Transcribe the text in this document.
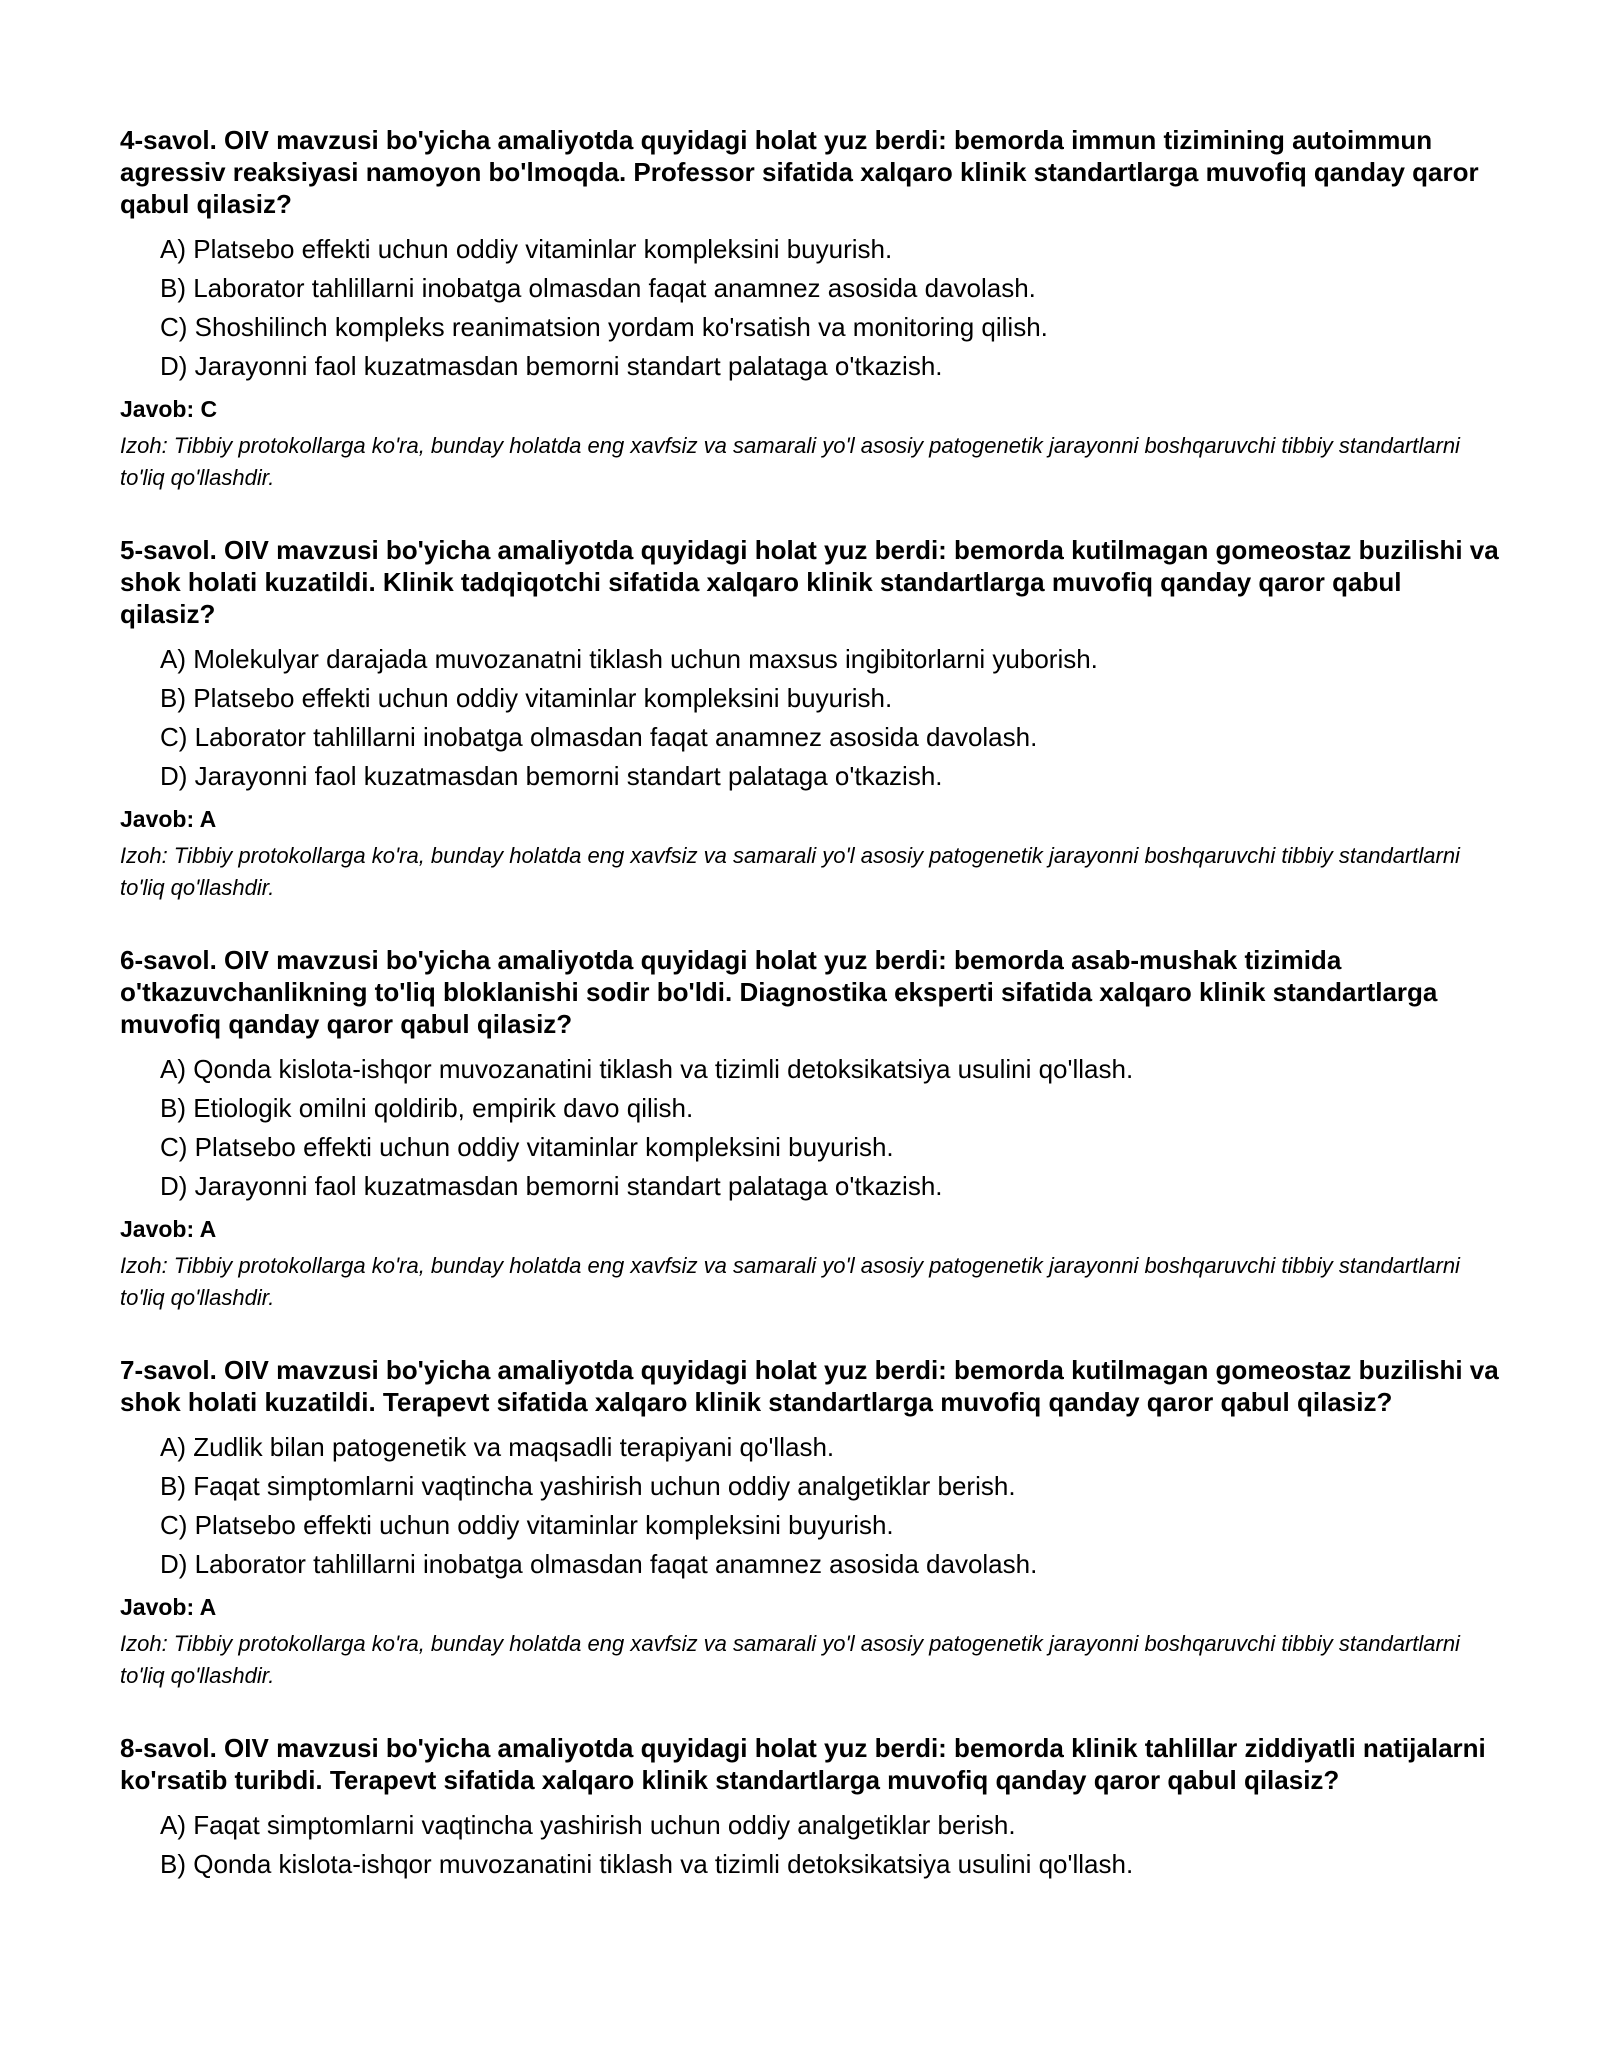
4-savol. OIV mavzusi bo'yicha amaliyotda quyidagi holat yuz berdi: bemorda immun tizimining autoimmun agressiv reaksiyasi namoyon bo'lmoqda. Professor sifatida xalqaro klinik standartlarga muvofiq qanday qaror qabul qilasiz?

A) Platsebo effekti uchun oddiy vitaminlar kompleksini buyurish.
B) Laborator tahlillarni inobatga olmasdan faqat anamnez asosida davolash.
C) Shoshilinch kompleks reanimatsion yordam ko'rsatish va monitoring qilish.
D) Jarayonni faol kuzatmasdan bemorni standart palataga o'tkazish.
Javob: C

Izoh: Tibbiy protokollarga ko'ra, bunday holatda eng xavfsiz va samarali yo'l asosiy patogenetik jarayonni boshqaruvchi tibbiy standartlarni to'liq qo'llashdir.

5-savol. OIV mavzusi bo'yicha amaliyotda quyidagi holat yuz berdi: bemorda kutilmagan gomeostaz buzilishi va shok holati kuzatildi. Klinik tadqiqotchi sifatida xalqaro klinik standartlarga muvofiq qanday qaror qabul qilasiz?

A) Molekulyar darajada muvozanatni tiklash uchun maxsus ingibitorlarni yuborish.
B) Platsebo effekti uchun oddiy vitaminlar kompleksini buyurish.
C) Laborator tahlillarni inobatga olmasdan faqat anamnez asosida davolash.
D) Jarayonni faol kuzatmasdan bemorni standart palataga o'tkazish.
Javob: A

Izoh: Tibbiy protokollarga ko'ra, bunday holatda eng xavfsiz va samarali yo'l asosiy patogenetik jarayonni boshqaruvchi tibbiy standartlarni to'liq qo'llashdir.

6-savol. OIV mavzusi bo'yicha amaliyotda quyidagi holat yuz berdi: bemorda asab-mushak tizimida o'tkazuvchanlikning to'liq bloklanishi sodir bo'ldi. Diagnostika eksperti sifatida xalqaro klinik standartlarga muvofiq qanday qaror qabul qilasiz?

A) Qonda kislota-ishqor muvozanatini tiklash va tizimli detoksikatsiya usulini qo'llash.
B) Etiologik omilni qoldirib, empirik davo qilish.
C) Platsebo effekti uchun oddiy vitaminlar kompleksini buyurish.
D) Jarayonni faol kuzatmasdan bemorni standart palataga o'tkazish.
Javob: A

Izoh: Tibbiy protokollarga ko'ra, bunday holatda eng xavfsiz va samarali yo'l asosiy patogenetik jarayonni boshqaruvchi tibbiy standartlarni to'liq qo'llashdir.

7-savol. OIV mavzusi bo'yicha amaliyotda quyidagi holat yuz berdi: bemorda kutilmagan gomeostaz buzilishi va shok holati kuzatildi. Terapevt sifatida xalqaro klinik standartlarga muvofiq qanday qaror qabul qilasiz?

A) Zudlik bilan patogenetik va maqsadli terapiyani qo'llash.
B) Faqat simptomlarni vaqtincha yashirish uchun oddiy analgetiklar berish.
C) Platsebo effekti uchun oddiy vitaminlar kompleksini buyurish.
D) Laborator tahlillarni inobatga olmasdan faqat anamnez asosida davolash.
Javob: A

Izoh: Tibbiy protokollarga ko'ra, bunday holatda eng xavfsiz va samarali yo'l asosiy patogenetik jarayonni boshqaruvchi tibbiy standartlarni to'liq qo'llashdir.

8-savol. OIV mavzusi bo'yicha amaliyotda quyidagi holat yuz berdi: bemorda klinik tahlillar ziddiyatli natijalarni ko'rsatib turibdi. Terapevt sifatida xalqaro klinik standartlarga muvofiq qanday qaror qabul qilasiz?

A) Faqat simptomlarni vaqtincha yashirish uchun oddiy analgetiklar berish.
B) Qonda kislota-ishqor muvozanatini tiklash va tizimli detoksikatsiya usulini qo'llash.
